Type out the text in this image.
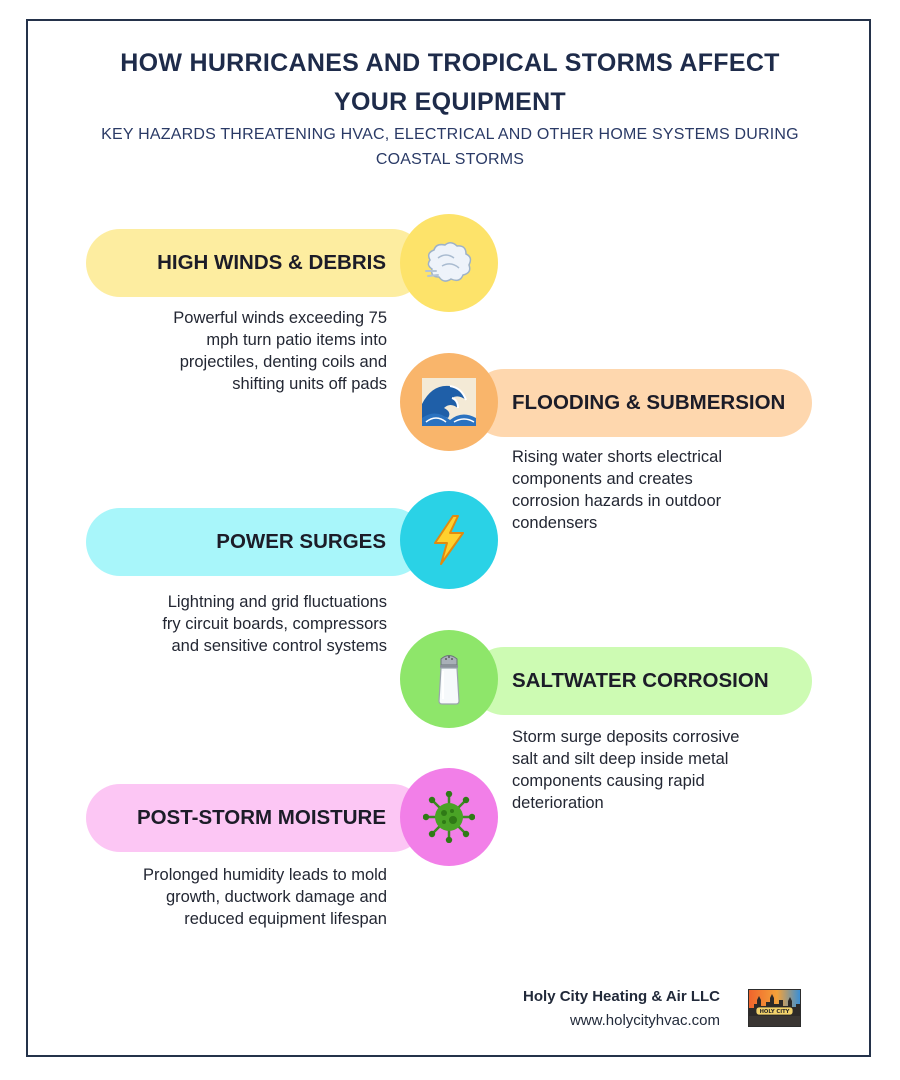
HOW HURRICANES AND TROPICAL STORMS AFFECT
YOUR EQUIPMENT
KEY HAZARDS THREATENING HVAC, ELECTRICAL AND OTHER HOME SYSTEMS DURING
COASTAL STORMS
HIGH WINDS & DEBRIS
Powerful winds exceeding 75
mph turn patio items into
projectiles, denting coils and
shifting units off pads
FLOODING & SUBMERSION
Rising water shorts electrical
components and creates
corrosion hazards in outdoor
condensers
POWER SURGES
Lightning and grid fluctuations
fry circuit boards, compressors
and sensitive control systems
SALTWATER CORROSION
Storm surge deposits corrosive
salt and silt deep inside metal
components causing rapid
deterioration
POST-STORM MOISTURE
Prolonged humidity leads to mold
growth, ductwork damage and
reduced equipment lifespan
Holy City Heating & Air LLC
www.holycityhvac.com	HOLY CITY
